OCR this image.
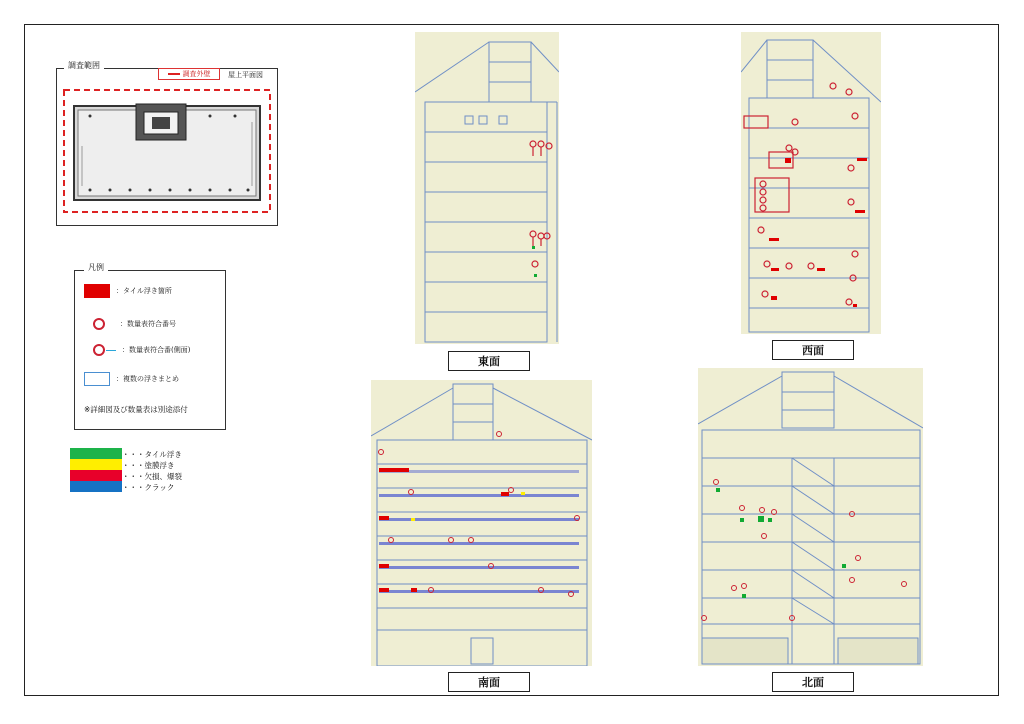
調査範囲
調査外壁	屋上平面図
凡例
：タイル浮き箇所
：数量表符合番号
：数量表符合番(側面)
：複数の浮きまとめ
※詳細図及び数量表は別途添付
・・・タイル浮き
・・・塗膜浮き
・・・欠損、爆裂
・・・クラック
東面
西面
南面	北面
